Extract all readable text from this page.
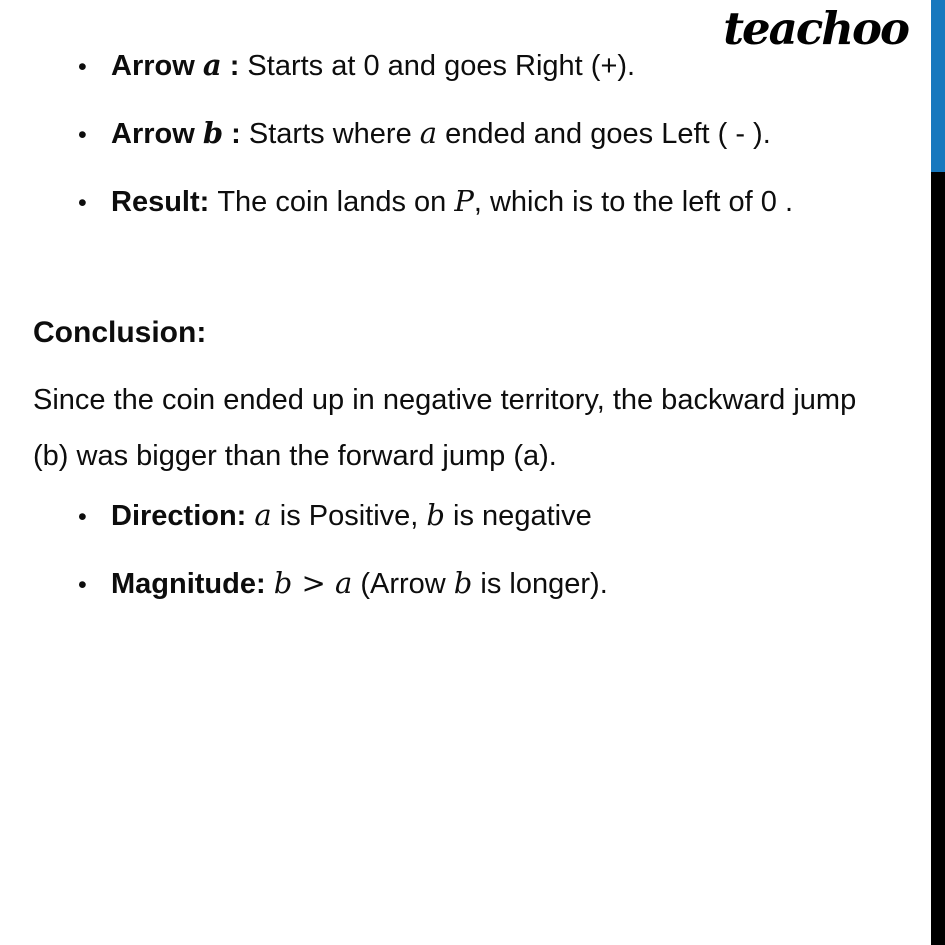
teachoo
• Arrow a : Starts at 0 and goes Right (+).
• Arrow b : Starts where a ended and goes Left ( - ).
• Result: The coin lands on P, which is to the left of 0 .
Conclusion:
Since the coin ended up in negative territory, the backward jump
(b) was bigger than the forward jump (a).
• Direction: a is Positive, b is negative
• Magnitude: b > a (Arrow b is longer).
